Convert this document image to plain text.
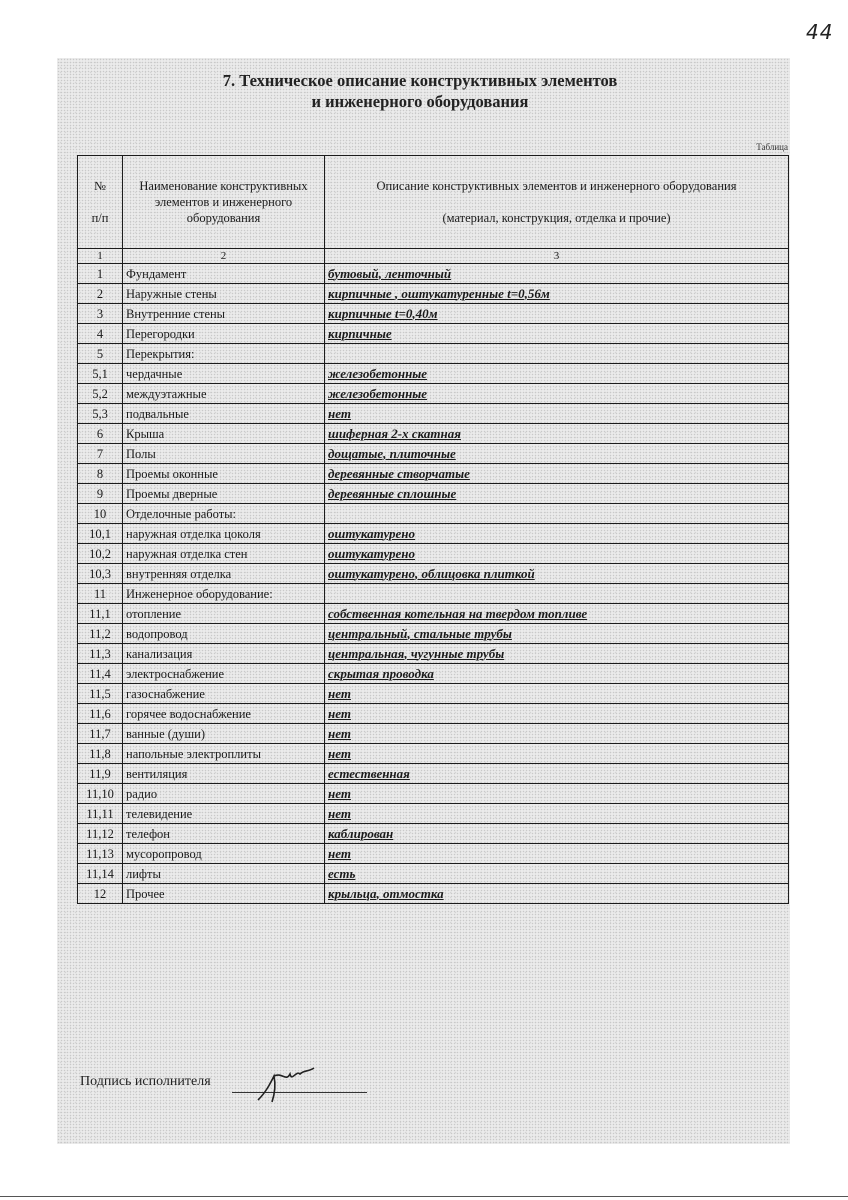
44
7. Техническое описание конструктивных элементов
и инженерного оборудования
Таблица
№
п/п	Наименование конструктивных элементов и инженерного оборудования	Описание конструктивных элементов и инженерного оборудования
(материал, конструкция, отделка и прочие)
1	2	3
1	Фундамент	бутовый, ленточный
2	Наружные стены	кирпичные , оштукатуренные t=0,56м
3	Внутренние стены	кирпичные t=0,40м
4	Перегородки	кирпичные
5	Перекрытия:	
5,1	чердачные	железобетонные
5,2	междуэтажные	железобетонные
5,3	подвальные	нет
6	Крыша	шиферная 2-х скатная
7	Полы	дощатые, плиточные
8	Проемы оконные	деревянные створчатые
9	Проемы дверные	деревянные сплошные
10	Отделочные работы:	
10,1	наружная отделка цоколя	оштукатурено
10,2	наружная отделка стен	оштукатурено
10,3	внутренняя отделка	оштукатурено, облицовка плиткой
11	Инженерное оборудование:	
11,1	отопление	собственная котельная на твердом топливе
11,2	водопровод	центральный, стальные трубы
11,3	канализация	центральная, чугунные трубы
11,4	электроснабжение	скрытая проводка
11,5	газоснабжение	нет
11,6	горячее водоснабжение	нет
11,7	ванные (души)	нет
11,8	напольные электроплиты	нет
11,9	вентиляция	естественная
11,10	радио	нет
11,11	телевидение	нет
11,12	телефон	каблирован
11,13	мусоропровод	нет
11,14	лифты	есть
12	Прочее	крыльца, отмостка
Подпись исполнителя
